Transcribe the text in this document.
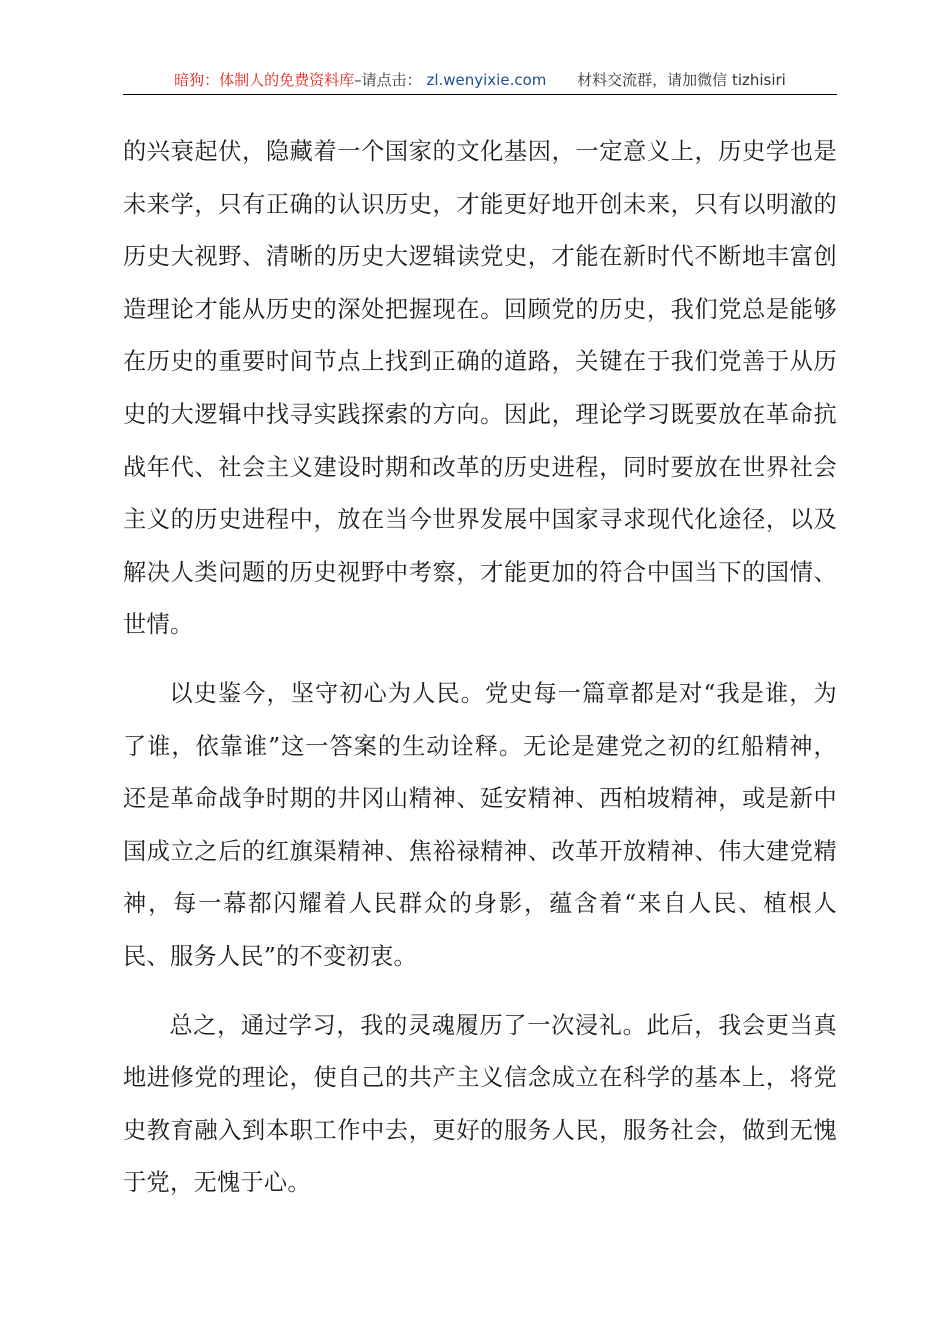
暗狗：体制人的免费资料库–请点击： zl.wenyixie.com 材料交流群，请加微信 tizhisiri

的兴衰起伏，隐藏着一个国家的文化基因，一定意义上，历史学也是未来学，只有正确的认识历史，才能更好地开创未来，只有以明澈的历史大视野、清晰的历史大逻辑读党史，才能在新时代不断地丰富创造理论才能从历史的深处把握现在。回顾党的历史，我们党总是能够在历史的重要时间节点上找到正确的道路，关键在于我们党善于从历史的大逻辑中找寻实践探索的方向。因此，理论学习既要放在革命抗战年代、社会主义建设时期和改革的历史进程，同时要放在世界社会主义的历史进程中，放在当今世界发展中国家寻求现代化途径，以及解决人类问题的历史视野中考察，才能更加的符合中国当下的国情、世情。

以史鉴今，坚守初心为人民。党史每一篇章都是对“我是谁，为了谁，依靠谁”这一答案的生动诠释。无论是建党之初的红船精神，还是革命战争时期的井冈山精神、延安精神、西柏坡精神，或是新中国成立之后的红旗渠精神、焦裕禄精神、改革开放精神、伟大建党精神，每一幕都闪耀着人民群众的身影，蕴含着“来自人民、植根人民、服务人民”的不变初衷。

总之，通过学习，我的灵魂履历了一次浸礼。此后，我会更当真地进修党的理论，使自己的共产主义信念成立在科学的基本上，将党史教育融入到本职工作中去，更好的服务人民，服务社会，做到无愧于党，无愧于心。
